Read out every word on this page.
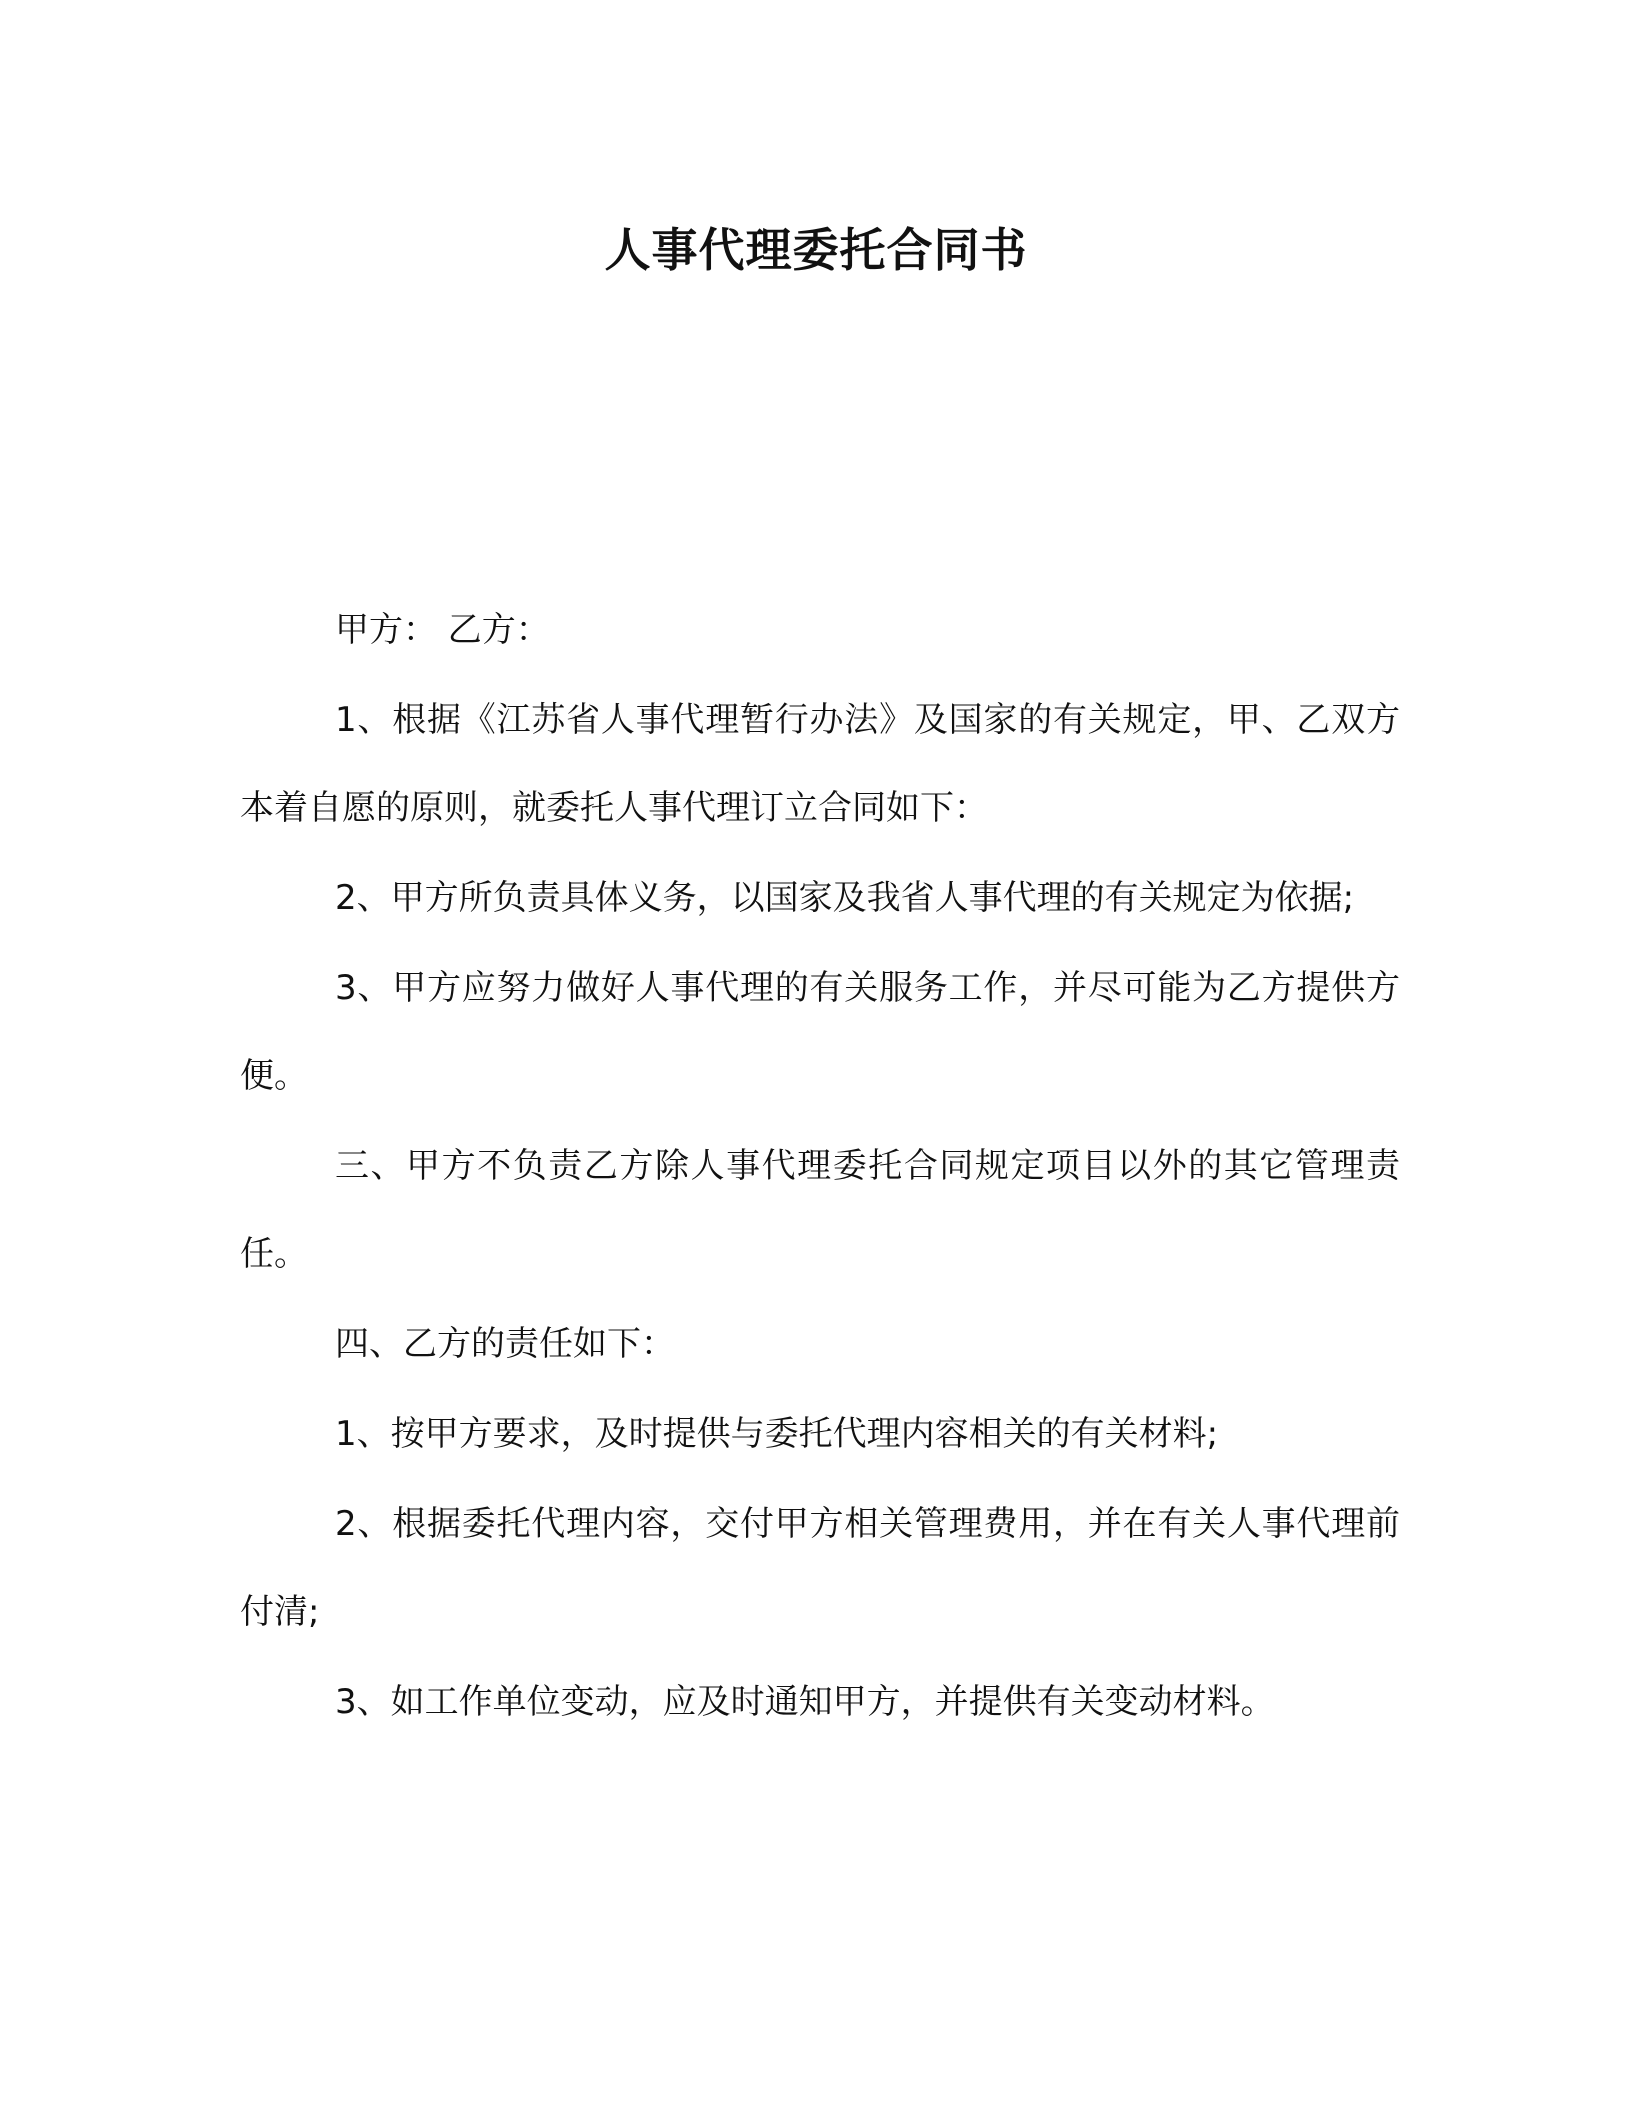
人事代理委托合同书

甲方： 乙方：

1、根据《江苏省人事代理暂行办法》及国家的有关规定，甲、乙双方本着自愿的原则，就委托人事代理订立合同如下：

2、甲方所负责具体义务，以国家及我省人事代理的有关规定为依据;

3、甲方应努力做好人事代理的有关服务工作，并尽可能为乙方提供方便。

三、甲方不负责乙方除人事代理委托合同规定项目以外的其它管理责任。

四、乙方的责任如下：

1、按甲方要求，及时提供与委托代理内容相关的有关材料;

2、根据委托代理内容，交付甲方相关管理费用，并在有关人事代理前付清;

3、如工作单位变动，应及时通知甲方，并提供有关变动材料。
